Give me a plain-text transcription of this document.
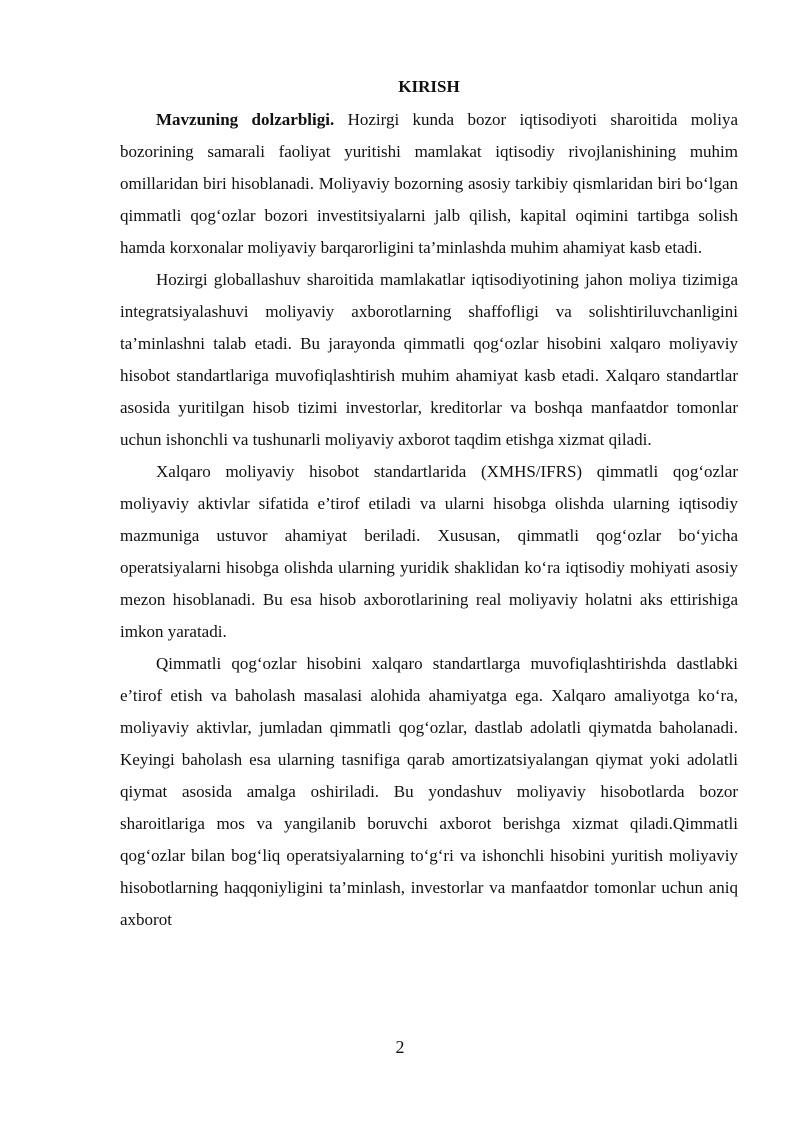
KIRISH

Mavzuning dolzarbligi. Hozirgi kunda bozor iqtisodiyoti sharoitida moliya bozorining samarali faoliyat yuritishi mamlakat iqtisodiy rivojlanishining muhim omillaridan biri hisoblanadi. Moliyaviy bozorning asosiy tarkibiy qismlaridan biri bo‘lgan qimmatli qog‘ozlar bozori investitsiyalarni jalb qilish, kapital oqimini tartibga solish hamda korxonalar moliyaviy barqarorligini ta’minlashda muhim ahamiyat kasb etadi.

Hozirgi globallashuv sharoitida mamlakatlar iqtisodiyotining jahon moliya tizimiga integratsiyalashuvi moliyaviy axborotlarning shaffofligi va solishtiriluvchanligini ta’minlashni talab etadi. Bu jarayonda qimmatli qog‘ozlar hisobini xalqaro moliyaviy hisobot standartlariga muvofiqlashtirish muhim ahamiyat kasb etadi. Xalqaro standartlar asosida yuritilgan hisob tizimi investorlar, kreditorlar va boshqa manfaatdor tomonlar uchun ishonchli va tushunarli moliyaviy axborot taqdim etishga xizmat qiladi.

Xalqaro moliyaviy hisobot standartlarida (XMHS/IFRS) qimmatli qog‘ozlar moliyaviy aktivlar sifatida e’tirof etiladi va ularni hisobga olishda ularning iqtisodiy mazmuniga ustuvor ahamiyat beriladi. Xususan, qimmatli qog‘ozlar bo‘yicha operatsiyalarni hisobga olishda ularning yuridik shaklidan ko‘ra iqtisodiy mohiyati asosiy mezon hisoblanadi. Bu esa hisob axborotlarining real moliyaviy holatni aks ettirishiga imkon yaratadi.

Qimmatli qog‘ozlar hisobini xalqaro standartlarga muvofiqlashtirishda dastlabki e’tirof etish va baholash masalasi alohida ahamiyatga ega. Xalqaro amaliyotga ko‘ra, moliyaviy aktivlar, jumladan qimmatli qog‘ozlar, dastlab adolatli qiymatda baholanadi. Keyingi baholash esa ularning tasnifiga qarab amortizatsiyalangan qiymat yoki adolatli qiymat asosida amalga oshiriladi. Bu yondashuv moliyaviy hisobotlarda bozor sharoitlariga mos va yangilanib boruvchi axborot berishga xizmat qiladi.Qimmatli qog‘ozlar bilan bog‘liq operatsiyalarning to‘g‘ri va ishonchli hisobini yuritish moliyaviy hisobotlarning haqqoniyligini ta’minlash, investorlar va manfaatdor tomonlar uchun aniq axborot

2
